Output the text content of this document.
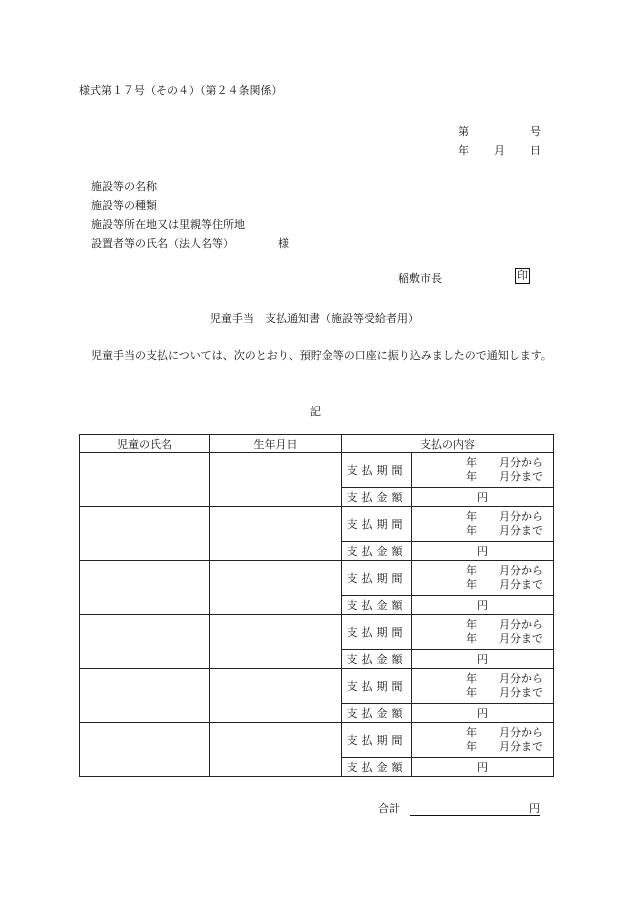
様式第１７号（その４）（第２４条関係）
第	号
年 月 日
施設等の名称
施設等の種類
施設等所在地又は里親等住所地
設置者等の氏名（法人名等）	様
稲敷市長	印
児童手当　支払通知書（施設等受給者用）
児童手当の支払については、次のとおり、預貯金等の口座に振り込みましたので通知します。
記
児童の氏名	生年月日	支払の内容	
		支払期間	年 月分から
年 月分まで

		支払金額	円
		支払期間	年 月分から
年 月分まで

		支払金額	円
		支払期間	年 月分から
年 月分まで

		支払金額	円
		支払期間	年 月分から
年 月分まで

		支払金額	円
		支払期間	年 月分から
年 月分まで

		支払金額	円
		支払期間	年 月分から
年 月分まで

		支払金額	円
合計	円
